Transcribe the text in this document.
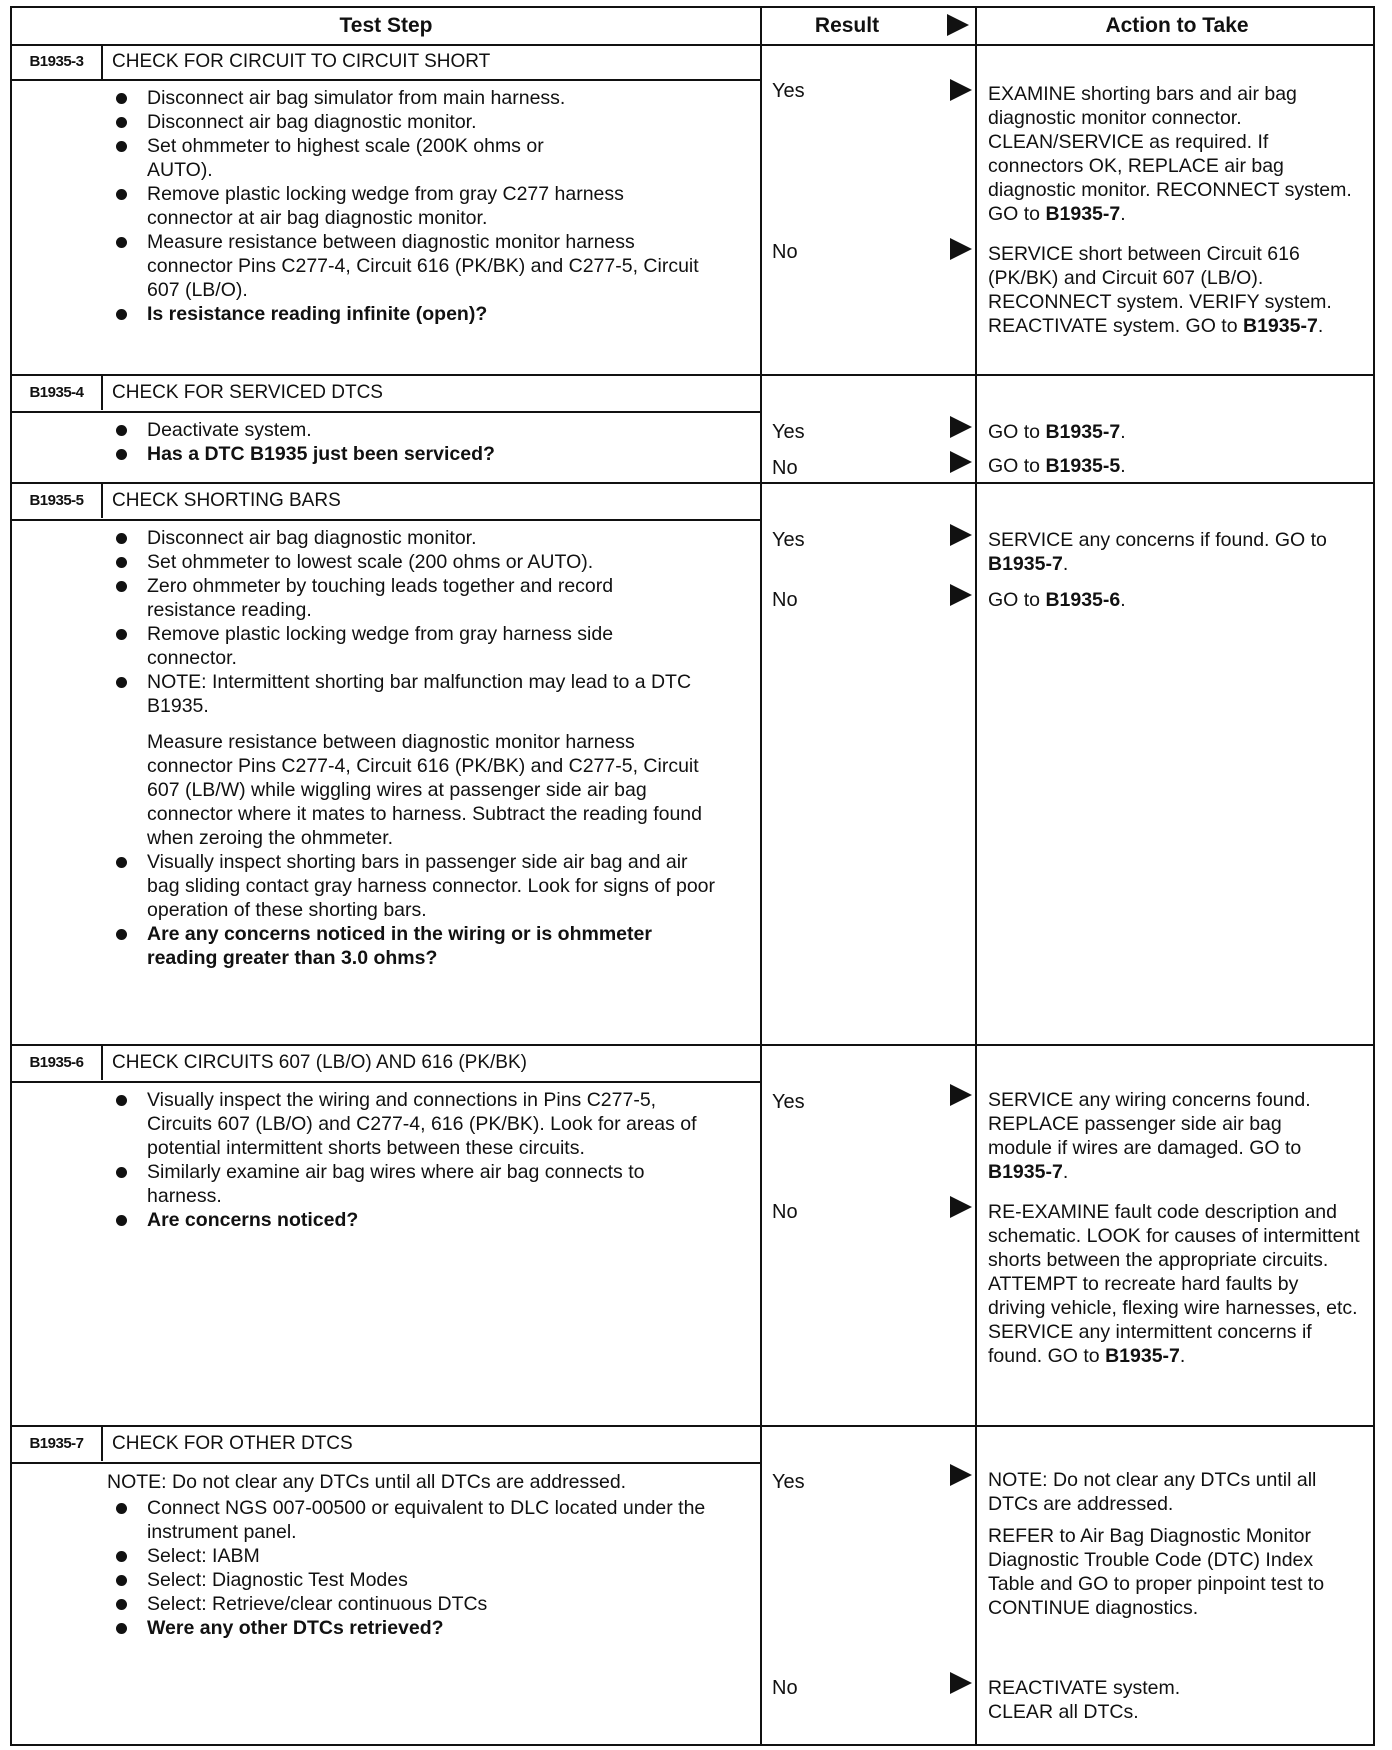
Test Step	Result	Action to Take
B1935-3	CHECK FOR CIRCUIT TO CIRCUIT SHORT
Disconnect air bag simulator from main harness.
Disconnect air bag diagnostic monitor.
Set ohmmeter to highest scale (200K ohms or AUTO).
Remove plastic locking wedge from gray C277 harness connector at air bag diagnostic monitor.
Measure resistance between diagnostic monitor harness connector Pins C277-4, Circuit 616 (PK/BK) and C277-5, Circuit 607 (LB/O).
Is resistance reading infinite (open)?
Yes	EXAMINE shorting bars and air bag diagnostic monitor connector. CLEAN/SERVICE as required. If connectors OK, REPLACE air bag diagnostic monitor. RECONNECT system. GO to B1935-7.

No	SERVICE short between Circuit 616 (PK/BK) and Circuit 607 (LB/O). RECONNECT system. VERIFY system. REACTIVATE system. GO to B1935-7.

B1935-4	CHECK FOR SERVICED DTCS
Deactivate system.
Has a DTC B1935 just been serviced?
Yes	GO to B1935-7.

No	GO to B1935-5.

B1935-5	CHECK SHORTING BARS
Disconnect air bag diagnostic monitor.
Set ohmmeter to lowest scale (200 ohms or AUTO).
Zero ohmmeter by touching leads together and record resistance reading.
Remove plastic locking wedge from gray harness side connector.
NOTE: Intermittent shorting bar malfunction may lead to a DTC B1935.

Measure resistance between diagnostic monitor harness connector Pins C277-4, Circuit 616 (PK/BK) and C277-5, Circuit 607 (LB/W) while wiggling wires at passenger side air bag connector where it mates to harness. Subtract the reading found when zeroing the ohmmeter.

Visually inspect shorting bars in passenger side air bag and air bag sliding contact gray harness connector. Look for signs of poor operation of these shorting bars.
Are any concerns noticed in the wiring or is ohmmeter reading greater than 3.0 ohms?
Yes	SERVICE any concerns if found. GO to B1935-7.

No	GO to B1935-6.

B1935-6	CHECK CIRCUITS 607 (LB/O) AND 616 (PK/BK)
Visually inspect the wiring and connections in Pins C277-5, Circuits 607 (LB/O) and C277-4, 616 (PK/BK). Look for areas of potential intermittent shorts between these circuits.
Similarly examine air bag wires where air bag connects to harness.
Are concerns noticed?
Yes	SERVICE any wiring concerns found. REPLACE passenger side air bag module if wires are damaged. GO to B1935-7.

No	RE-EXAMINE fault code description and schematic. LOOK for causes of intermittent shorts between the appropriate circuits. ATTEMPT to recreate hard faults by driving vehicle, flexing wire harnesses, etc. SERVICE any intermittent concerns if found. GO to B1935-7.

B1935-7	CHECK FOR OTHER DTCS

NOTE: Do not clear any DTCs until all DTCs are addressed.

Connect NGS 007-00500 or equivalent to DLC located under the instrument panel.
Select: IABM
Select: Diagnostic Test Modes
Select: Retrieve/clear continuous DTCs
Were any other DTCs retrieved?
Yes	NOTE: Do not clear any DTCs until all DTCs are addressed.

REFER to Air Bag Diagnostic Monitor Diagnostic Trouble Code (DTC) Index Table and GO to proper pinpoint test to CONTINUE diagnostics.

No	REACTIVATE system.

CLEAR all DTCs.
